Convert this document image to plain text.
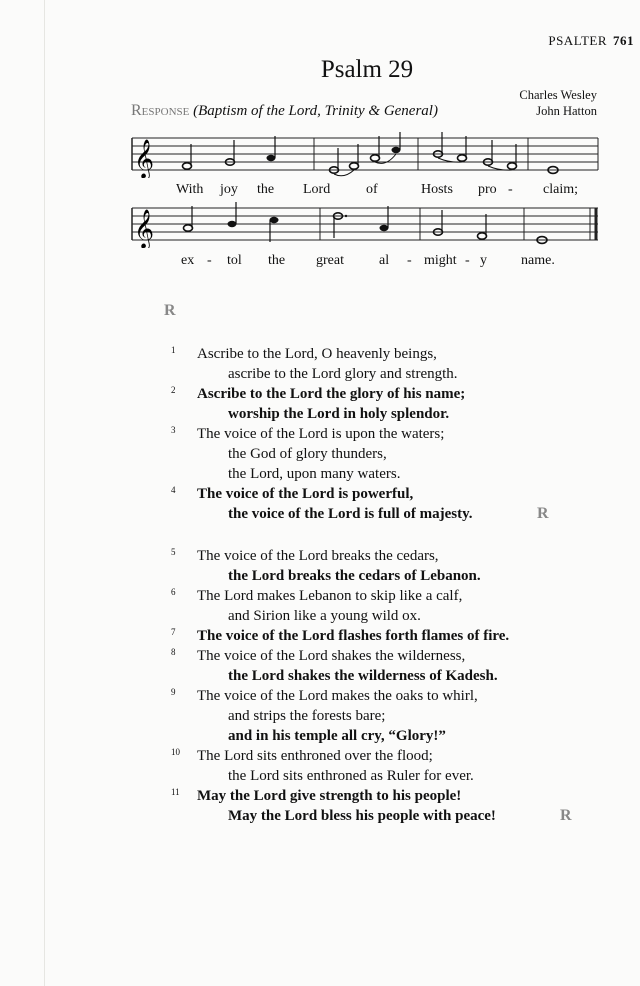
PSALTER 761
Psalm 29
Charles Wesley
John Hatton
Response (Baptism of the Lord, Trinity & General)
𝄞
With joy the Lord	of	Hosts pro - claim;
𝄞
ex - tol the great	al - might - y name.
R
1 Ascribe to the Lord, O heavenly beings,
ascribe to the Lord glory and strength.
2 Ascribe to the Lord the glory of his name;
worship the Lord in holy splendor.
3 The voice of the Lord is upon the waters;
the God of glory thunders,
the Lord, upon many waters.
4 The voice of the Lord is powerful,
the voice of the Lord is full of majesty.	R
5 The voice of the Lord breaks the cedars,
the Lord breaks the cedars of Lebanon.
6 The Lord makes Lebanon to skip like a calf,
and Sirion like a young wild ox.
7 The voice of the Lord flashes forth flames of fire.
8 The voice of the Lord shakes the wilderness,
the Lord shakes the wilderness of Kadesh.
9 The voice of the Lord makes the oaks to whirl,
and strips the forests bare;
and in his temple all cry, “Glory!”
10 The Lord sits enthroned over the flood;
the Lord sits enthroned as Ruler for ever.
11 May the Lord give strength to his people!
May the Lord bless his people with peace!	R
